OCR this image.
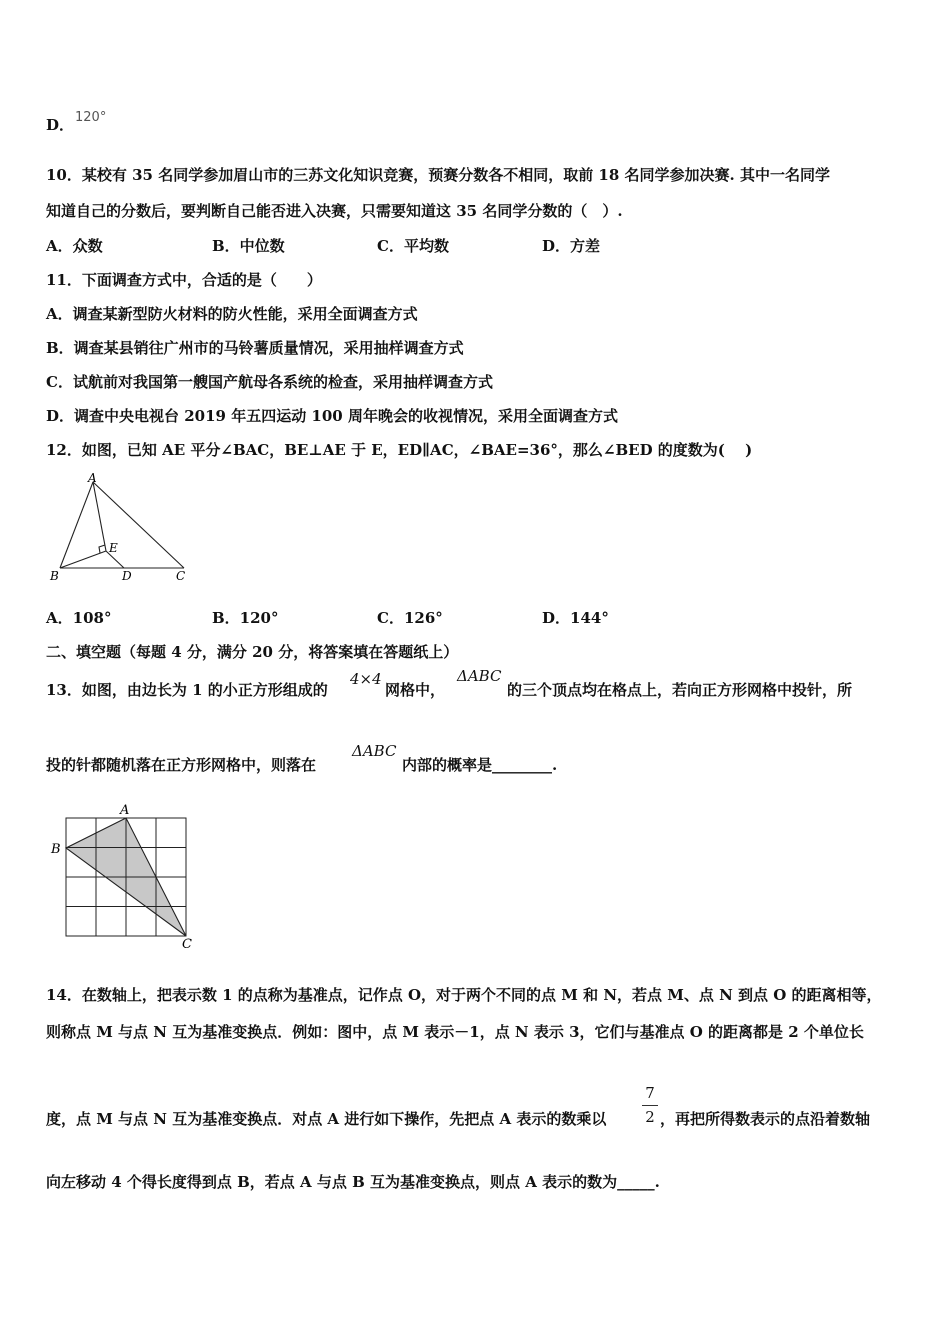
D． 120°
10．某校有 35 名同学参加眉山市的三苏文化知识竞赛，预赛分数各不相同，取前 18 名同学参加决赛. 其中一名同学
知道自己的分数后，要判断自己能否进入决赛，只需要知道这 35 名同学分数的（　）.
A．众数	B．中位数	C．平均数	D．方差
11．下面调查方式中，合适的是（　　）
A．调查某新型防火材料的防火性能，采用全面调查方式
B．调查某县销往广州市的马铃薯质量情况，采用抽样调查方式
C．试航前对我国第一艘国产航母各系统的检查，采用抽样调查方式
D．调查中央电视台 2019 年五四运动 100 周年晚会的收视情况，采用全面调查方式
12．如图，已知 AE 平分∠BAC，BE⊥AE 于 E，ED∥AC，∠BAE=36°，那么∠BED 的度数为(　 )
A
B	C
D
E
A．108°	B．120°	C．126°	D．144°
二、填空题（每题 4 分，满分 20 分，将答案填在答题纸上）
13．如图，由边长为 1 的小正方形组成的
4×4
网格中，
ΔABC
的三个顶点均在格点上，若向正方形网格中投针，所
投的针都随机落在正方形网格中，则落在
ΔABC
内部的概率是________.
A
B
C
14．在数轴上，把表示数 1 的点称为基准点，记作点 O，对于两个不同的点 M 和 N，若点 M、点 N 到点 O 的距离相等，
则称点 M 与点 N 互为基准变换点．例如：图中，点 M 表示－1，点 N 表示 3，它们与基准点 O 的距离都是 2 个单位长
度，点 M 与点 N 互为基准变换点．对点 A 进行如下操作，先把点 A 表示的数乘以
7
2 ，再把所得数表示的点沿着数轴
向左移动 4 个得长度得到点 B，若点 A 与点 B 互为基准变换点，则点 A 表示的数为_____.
